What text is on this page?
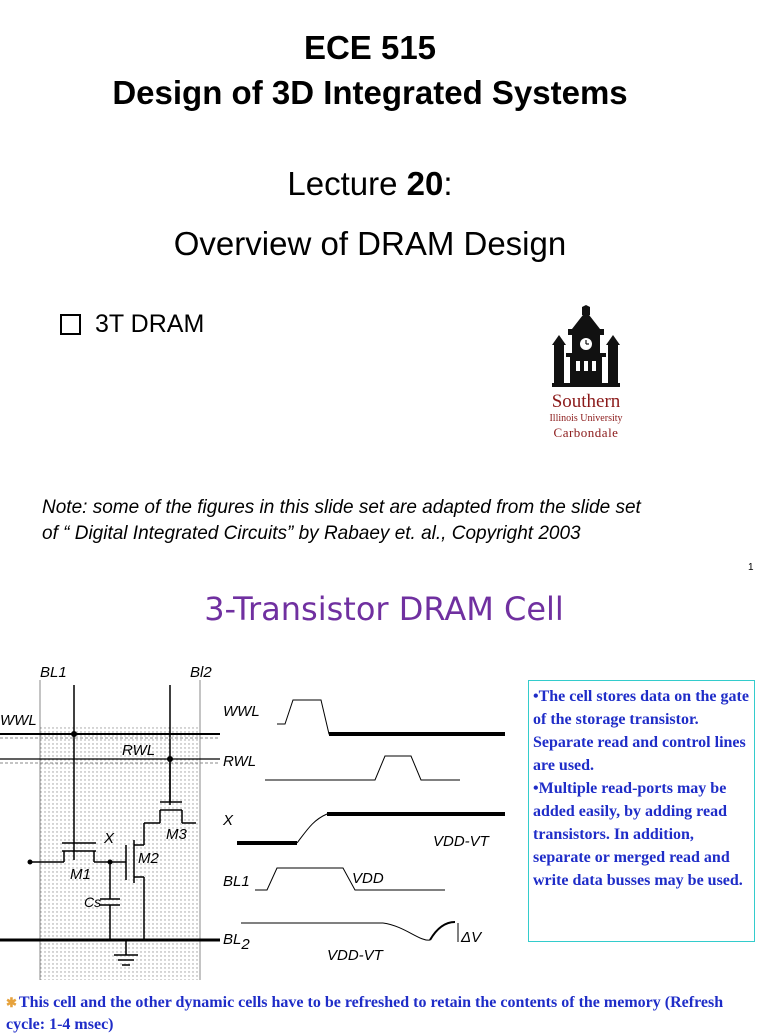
ECE 515
Design of 3D Integrated Systems
Lecture 20:
Overview of DRAM Design
3T DRAM
Southern
Illinois University
Carbondale
Note: some of the figures in this slide set are adapted from the slide set
of “ Digital Integrated Circuits” by Rabaey et. al., Copyright 2003
1
3-Transistor DRAM Cell
BL1	Bl2
WWL
RWL
X
M1
M2
M3
Cs
WWL
RWL
X
BL1
BL2
VDD-VT
VDD
VDD-VT
ΔV

•The cell stores data on the gate of the storage transistor. Separate read and control lines are used.

•Multiple read-ports may be added easily, by adding read transistors. In addition, separate or merged read and write data busses may be used.

✱ This cell and the other dynamic cells have to be refreshed to retain the contents of the memory (Refresh cycle: 1-4 msec)
